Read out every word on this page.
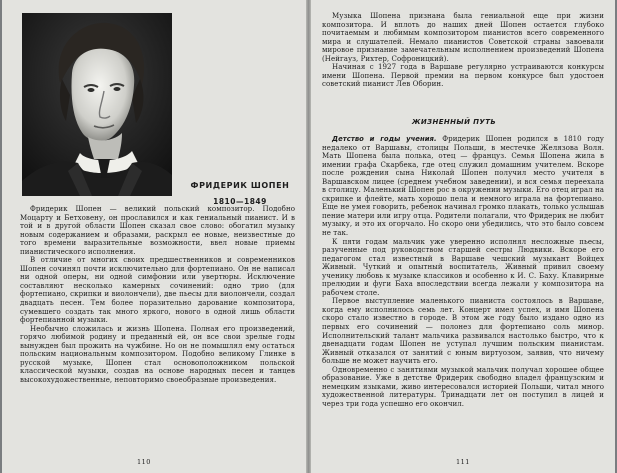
ФРИДЕРИК ШОПЕН
1810—1849

Фридерик Шопен — великий польский композитор. Подобно Моцарту и Бетховену, он прославился и как гениальный пианист. И в той и в другой области Шопен сказал свое слово: обогатил музыку новым содержанием и образами, раскрыл ее новые, неизвестные до того времени выразительные возможности, ввел новые приемы пианистического исполнения.

В отличие от многих своих предшественников и современников Шопен сочинял почти исключительно для фортепиано. Он не написал ни одной оперы, ни одной симфонии или увертюры. Исключение составляют несколько камерных сочинений: одно трио (для фортепиано, скрипки и виолончели), две пьесы для виолончели, создал двадцать песен. Тем более поразительно дарование композитора, сумевшего создать так много яркого, нового в одной лишь области фортепианной музыки.

Необычно сложилась и жизнь Шопена. Полная его произведений, горячо любимой родину и преданный ей, он все свои зрелые годы вынужден был прожить на чужбине. Но он не помышлял ему остаться польским национальным композитором. Подобно великому Глинке в русской музыке, Шопен стал основоположником польской классической музыки, создав на основе народных песен и танцев высокохудожественные, неповторимо своеобразные произведения.

110

Музыка Шопена признана была гениальной еще при жизни композитора. И вплоть до наших дней Шопен остается глубоко почитаемым и любимым композитором пианистов всего современного мира и слушателей. Немало пианистов Советской страны завоевали мировое признание замечательным исполнением произведений Шопена (Нейгауз, Рихтер, Софроницкий).

Начиная с 1927 года в Варшаве регулярно устраиваются конкурсы имени Шопена. Первой премии на первом конкурсе был удостоен советский пианист Лев Оборин.

ЖИЗНЕННЫЙ ПУТЬ

Детство и годы учения. Фридерик Шопен родился в 1810 году недалеко от Варшавы, столицы Польши, в местечке Желязова Воля. Мать Шопена была полька, отец — француз. Семья Шопена жила в имении графа Скарбека, где отец служил домашним учителем. Вскоре после рождения сына Николай Шопен получил место учителя в Варшавском лицее (среднем учебном заведении), и вся семья переехала в столицу. Маленький Шопен рос в окружении музыки. Его отец играл на скрипке и флейте, мать хорошо пела и немного играла на фортепиано. Еще не умея говорить, ребенок начинал громко плакать, только услышав пение матери или игру отца. Родители полагали, что Фридерик не любит музыку, и это их огорчало. Но скоро они убедились, что это было совсем не так.

К пяти годам мальчик уже уверенно исполнял несложные пьесы, разученные под руководством старшей сестры Людвики. Вскоре его педагогом стал известный в Варшаве чешский музыкант Войцех Живный. Чуткий и опытный воспитатель, Живный привил своему ученику любовь к музыке классиков и особенно к И. С. Баху. Клавирные прелюдии и фуги Баха впоследствии всегда лежали у композитора на рабочем столе.

Первое выступление маленького пианиста состоялось в Варшаве, когда ему исполнилось семь лет. Концерт имел успех, и имя Шопена скоро стало известно в городе. В этом же году было издано одно из первых его сочинений — полонез для фортепиано соль минор. Исполнительский талант мальчика развивался настолько быстро, что к двенадцати годам Шопен не уступал лучшим польским пианистам. Живный отказался от занятий с юным виртуозом, заявив, что ничему больше не может научить его.

Одновременно с занятиями музыкой мальчик получал хорошее общее образование. Уже в детстве Фридерик свободно владел французским и немецким языками, живо интересовался историей Польши, читал много художественной литературы. Тринадцати лет он поступил в лицей и через три года успешно его окончил.

111
